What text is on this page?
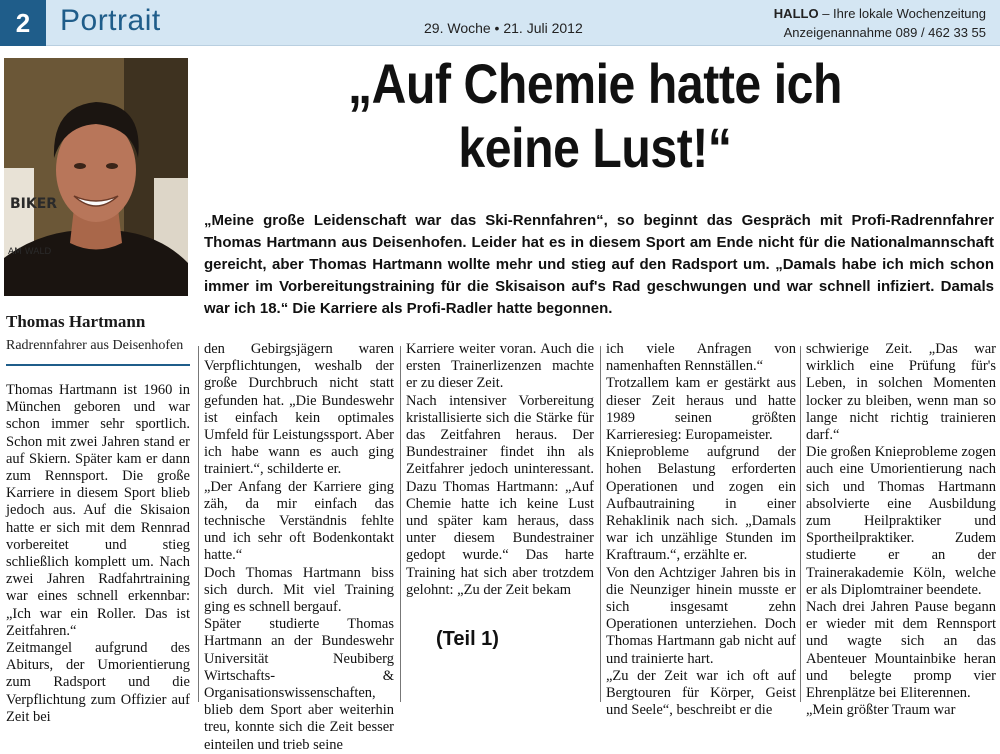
2 Portrait	29. Woche • 21. Juli 2012
HALLO – Ihre lokale Wochenzeitung
Anzeigenannahme 089 / 462 33 55
BIKER
AM WALD
Thomas Hartmann
Radrennfahrer aus Deisenhofen
„Auf Chemie hatte ich
keine Lust!“
„Meine große Leidenschaft war das Ski-Rennfahren“, so beginnt das Gespräch mit Profi-Radrennfahrer Thomas Hartmann aus Deisenhofen. Leider hat es in diesem Sport am Ende nicht für die Nationalmannschaft gereicht, aber Thomas Hartmann wollte mehr und stieg auf den Radsport um. „Damals habe ich mich schon immer im Vorbereitungstraining für die Skisaison auf's Rad geschwungen und war schnell infiziert. Damals war ich 18.“ Die Karriere als Profi-Radler hatte begonnen.

Thomas Hartmann ist 1960 in München geboren und war schon immer sehr sportlich. Schon mit zwei Jahren stand er auf Skiern. Später kam er dann zum Rennsport. Die große Karriere in diesem Sport blieb jedoch aus. Auf die Skisaion hatte er sich mit dem Rennrad vorbereitet und stieg schließlich komplett um. Nach zwei Jahren Radfahrtraining war eines schnell erkennbar: „Ich war ein Roller. Das ist Zeitfahren.“

Zeitmangel aufgrund des Abiturs, der Umorientierung zum Radsport und die Verpflichtung zum Offizier auf Zeit bei

den Gebirgsjägern waren Verpflichtungen, weshalb der große Durchbruch nicht statt gefunden hat. „Die Bundeswehr ist einfach kein optimales Umfeld für Leistungssport. Aber ich habe wann es auch ging trainiert.“, schilderte er.

„Der Anfang der Karriere ging zäh, da mir einfach das technische Verständnis fehlte und ich sehr oft Bodenkontakt hatte.“

Doch Thomas Hartmann biss sich durch. Mit viel Training ging es schnell bergauf.

Später studierte Thomas Hartmann an der Bundeswehr Universität Neubiberg Wirtschafts- & Organisationswissenschaften, blieb dem Sport aber weiterhin treu, konnte sich die Zeit besser einteilen und trieb seine

Karriere weiter voran. Auch die ersten Trainerlizenzen machte er zu dieser Zeit.

Nach intensiver Vorbereitung kristallisierte sich die Stärke für das Zeitfahren heraus. Der Bundestrainer findet ihn als Zeitfahrer jedoch uninteressant. Dazu Thomas Hartmann: „Auf Chemie hatte ich keine Lust und später kam heraus, dass unter diesem Bundestrainer gedopt wurde.“ Das harte Training hat sich aber trotzdem gelohnt: „Zu der Zeit bekam

ich viele Anfragen von namenhaften Rennställen.“

Trotzallem kam er gestärkt aus dieser Zeit heraus und hatte 1989 seinen größten Karrieresieg: Europameister.

Knieprobleme aufgrund der hohen Belastung erforderten Operationen und zogen ein Aufbautraining in einer Rehaklinik nach sich. „Damals war ich unzählige Stunden im Kraftraum.“, erzählte er.

Von den Achtziger Jahren bis in die Neunziger hinein musste er sich insgesamt zehn Operationen unterziehen. Doch Thomas Hartmann gab nicht auf und trainierte hart.

„Zu der Zeit war ich oft auf Bergtouren für Körper, Geist und Seele“, beschreibt er die

schwierige Zeit. „Das war wirklich eine Prüfung für's Leben, in solchen Momenten locker zu bleiben, wenn man so lange nicht richtig trainieren darf.“

Die großen Knieprobleme zogen auch eine Umorientierung nach sich und Thomas Hartmann absolvierte eine Ausbildung zum Heilpraktiker und Sportheilpraktiker. Zudem studierte er an der Trainerakademie Köln, welche er als Diplomtrainer beendete.

Nach drei Jahren Pause begann er wieder mit dem Rennsport und wagte sich an das Abenteuer Mountainbike heran und belegte promp vier Ehrenplätze bei Eliterennen.

„Mein größter Traum war

(Teil 1)
